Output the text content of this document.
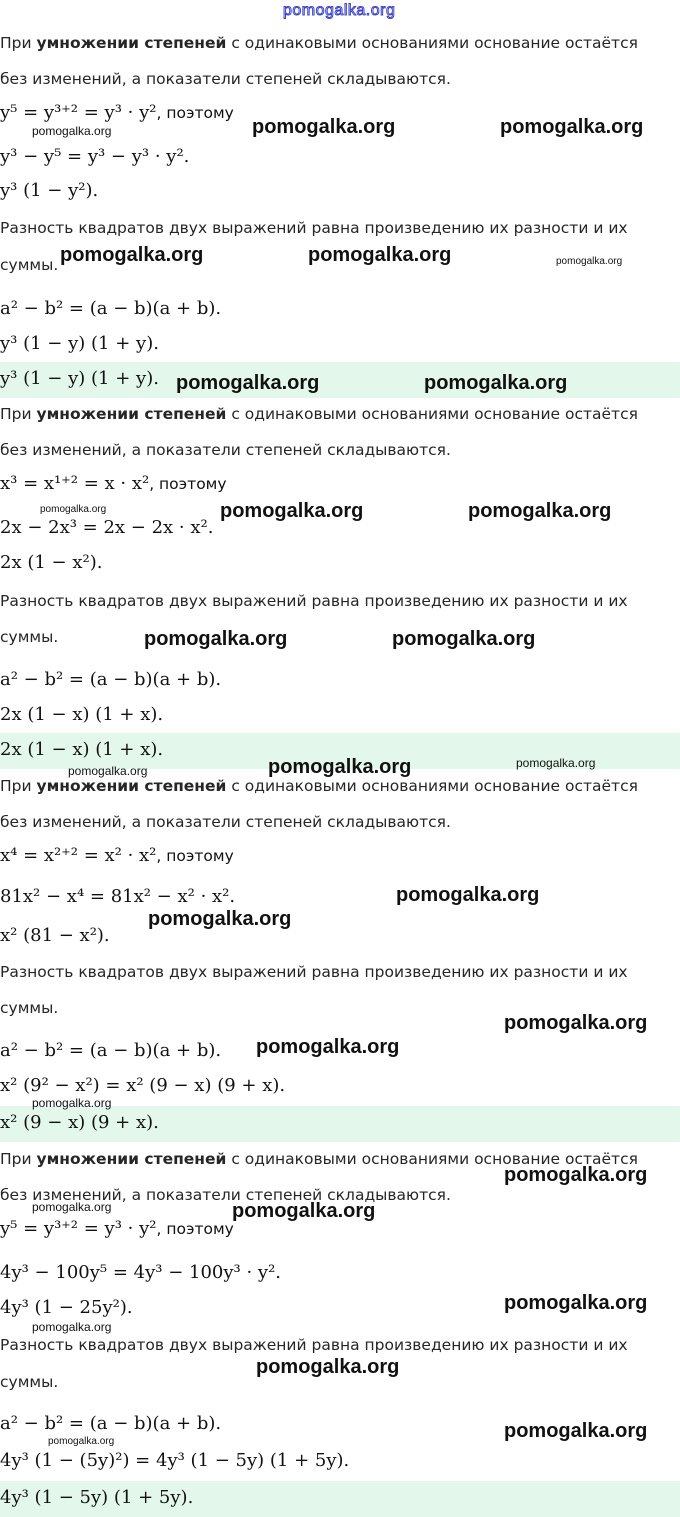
pomogalka.org
При умножении степеней с одинаковыми основаниями основание остаётся
без изменений, а показатели степеней складываются.
y⁵ = y³⁺² = y³ · y², поэтому
y³ − y⁵ = y³ − y³ · y².
y³ (1 − y²).
Разность квадратов двух выражений равна произведению их разности и их
суммы.
a² − b² = (a − b)(a + b).
y³ (1 − y) (1 + y).
y³ (1 − y) (1 + y).
При умножении степеней с одинаковыми основаниями основание остаётся
без изменений, а показатели степеней складываются.
x³ = x¹⁺² = x · x², поэтому
2x − 2x³ = 2x − 2x · x².
2x (1 − x²).
Разность квадратов двух выражений равна произведению их разности и их
суммы.
a² − b² = (a − b)(a + b).
2x (1 − x) (1 + x).
2x (1 − x) (1 + x).
При умножении степеней с одинаковыми основаниями основание остаётся
без изменений, а показатели степеней складываются.
x⁴ = x²⁺² = x² · x², поэтому
81x² − x⁴ = 81x² − x² · x².
x² (81 − x²).
Разность квадратов двух выражений равна произведению их разности и их
суммы.
a² − b² = (a − b)(a + b).
x² (9² − x²) = x² (9 − x) (9 + x).
x² (9 − x) (9 + x).
При умножении степеней с одинаковыми основаниями основание остаётся
без изменений, а показатели степеней складываются.
y⁵ = y³⁺² = y³ · y², поэтому
4y³ − 100y⁵ = 4y³ − 100y³ · y².
4y³ (1 − 25y²).
Разность квадратов двух выражений равна произведению их разности и их
суммы.
a² − b² = (a − b)(a + b).
4y³ (1 − (5y)²) = 4y³ (1 − 5y) (1 + 5y).
4y³ (1 − 5y) (1 + 5y).
pomogalka.org	pomogalka.org	pomogalka.org
pomogalka.org	pomogalka.org	pomogalka.org
pomogalka.org	pomogalka.org
pomogalka.org	pomogalka.org	pomogalka.org
pomogalka.org	pomogalka.org
pomogalka.org	pomogalka.org	pomogalka.org
pomogalka.org
pomogalka.org
pomogalka.org
pomogalka.org
pomogalka.org
pomogalka.org
pomogalka.org	pomogalka.org
pomogalka.org
pomogalka.org
pomogalka.org
pomogalka.org
pomogalka.org
